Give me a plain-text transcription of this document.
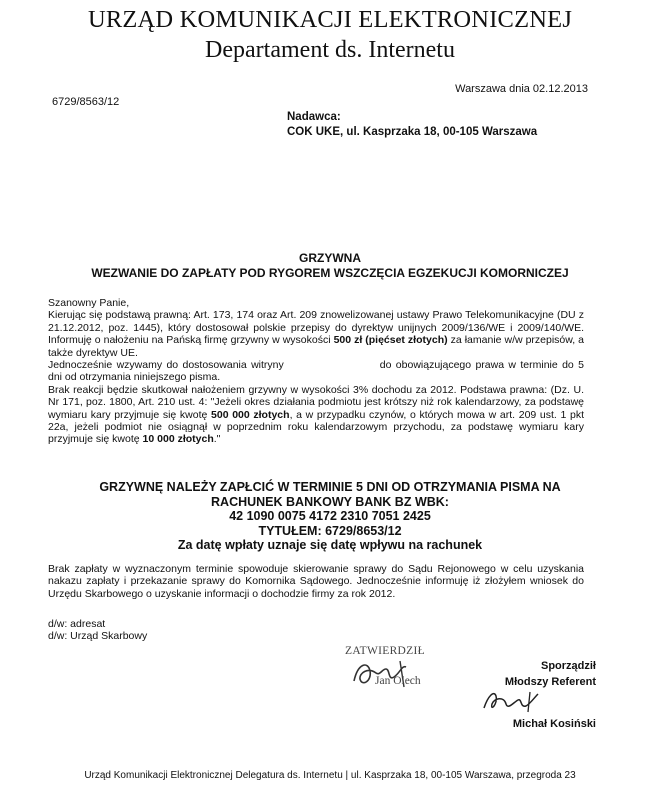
URZĄD KOMUNIKACJI ELEKTRONICZNEJ
Departament ds. Internetu
Warszawa dnia 02.12.2013
6729/8563/12
Nadawca:
COK UKE, ul. Kasprzaka 18, 00-105 Warszawa
GRZYWNA
WEZWANIE DO ZAPŁATY POD RYGOREM WSZCZĘCIA EGZEKUCJI KOMORNICZEJ

Szanowny Panie,

Kierując się podstawą prawną: Art. 173, 174 oraz Art. 209 znowelizowanej ustawy Prawo Telekomunikacyjne (DU z 21.12.2012, poz. 1445), który dostosował polskie przepisy do dyrektyw unijnych 2009/136/WE i 2009/140/WE. Informuję o nałożeniu na Pańską firmę grzywny w wysokości 500 zł (pięćset złotych) za łamanie w/w przepisów, a także dyrektyw UE.

Jednocześnie wzywamy do dostosowania witryny	do obowiązującego prawa w terminie do 5 dni od otrzymania niniejszego pisma.

Brak reakcji będzie skutkował nałożeniem grzywny w wysokości 3% dochodu za 2012. Podstawa prawna: (Dz. U. Nr 171, poz. 1800, Art. 210 ust. 4: "Jeżeli okres działania podmiotu jest krótszy niż rok kalendarzowy, za podstawę wymiaru kary przyjmuje się kwotę 500 000 złotych, a w przypadku czynów, o których mowa w art. 209 ust. 1 pkt 22a, jeżeli podmiot nie osiągnął w poprzednim roku kalendarzowym przychodu, za podstawę wymiaru kary przyjmuje się kwotę 10 000 złotych."

GRZYWNĘ NALEŻY ZAPŁCIĆ W TERMINIE 5 DNI OD OTRZYMANIA PISMA NA
RACHUNEK BANKOWY BANK BZ WBK:
42 1090 0075 4172 2310 7051 2425
TYTUŁEM: 6729/8653/12
Za datę wpłaty uznaje się datę wpływu na rachunek
Brak zapłaty w wyznaczonym terminie spowoduje skierowanie sprawy do Sądu Rejonowego w celu uzyskania nakazu zapłaty i przekazanie sprawy do Komornika Sądowego. Jednocześnie informuję iż złożyłem wniosek do Urzędu Skarbowego o uzyskanie informacji o dochodzie firmy za rok 2012.
d/w: adresat
d/w: Urząd Skarbowy
ZATWIERDZIŁ
Jan Olech
Sporządził
Młodszy Referent
Michał Kosiński
Urząd Komunikacji Elektronicznej Delegatura ds. Internetu | ul. Kasprzaka 18, 00-105 Warszawa, przegroda 23
